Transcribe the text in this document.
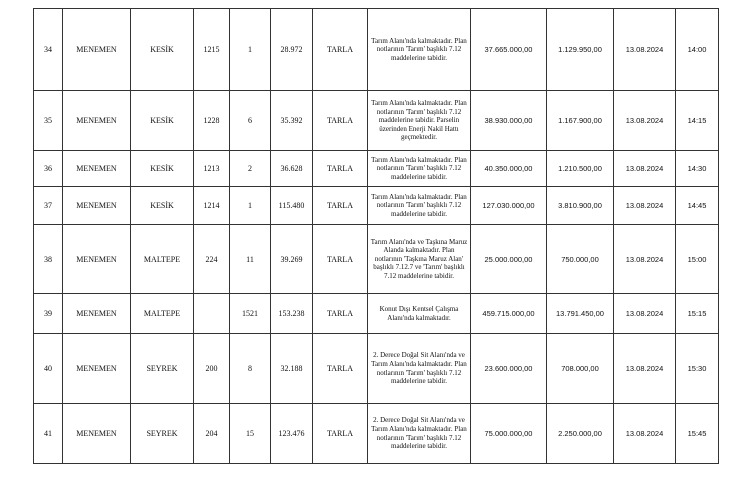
34	MENEMEN	KESİK	1215	1	28.972	TARLA	Tarım Alanı'nda kalmaktadır. Plan notlarının 'Tarım' başlıklı 7.12 maddelerine tabidir.	37.665.000,00	1.129.950,00	13.08.2024	14:00
35	MENEMEN	KESİK	1228	6	35.392	TARLA	Tarım Alanı'nda kalmaktadır. Plan notlarının 'Tarım' başlıklı 7.12 maddelerine tabidir. Parselin üzerinden Enerji Nakil Hattı geçmektedir.	38.930.000,00	1.167.900,00	13.08.2024	14:15
36	MENEMEN	KESİK	1213	2	36.628	TARLA	Tarım Alanı'nda kalmaktadır. Plan notlarının 'Tarım' başlıklı 7.12 maddelerine tabidir.	40.350.000,00	1.210.500,00	13.08.2024	14:30
37	MENEMEN	KESİK	1214	1	115.480	TARLA	Tarım Alanı'nda kalmaktadır. Plan notlarının 'Tarım' başlıklı 7.12 maddelerine tabidir.	127.030.000,00	3.810.900,00	13.08.2024	14:45
38	MENEMEN	MALTEPE	224	11	39.269	TARLA	Tarım Alanı'nda ve Taşkına Maruz Alanda kalmaktadır. Plan notlarının 'Taşkına Maruz Alan' başlıklı 7.12.7 ve 'Tarım' başlıklı 7.12 maddelerine tabidir.	25.000.000,00	750.000,00	13.08.2024	15:00
39	MENEMEN	MALTEPE		1521	153.238	TARLA	Konut Dışı Kentsel Çalışma Alanı'nda kalmaktadır.	459.715.000,00	13.791.450,00	13.08.2024	15:15
40	MENEMEN	SEYREK	200	8	32.188	TARLA	2. Derece Doğal Sit Alanı'nda ve Tarım Alanı'nda kalmaktadır. Plan notlarının 'Tarım' başlıklı 7.12 maddelerine tabidir.	23.600.000,00	708.000,00	13.08.2024	15:30
41	MENEMEN	SEYREK	204	15	123.476	TARLA	2. Derece Doğal Sit Alanı'nda ve Tarım Alanı'nda kalmaktadır. Plan notlarının 'Tarım' başlıklı 7.12 maddelerine tabidir.	75.000.000,00	2.250.000,00	13.08.2024	15:45
